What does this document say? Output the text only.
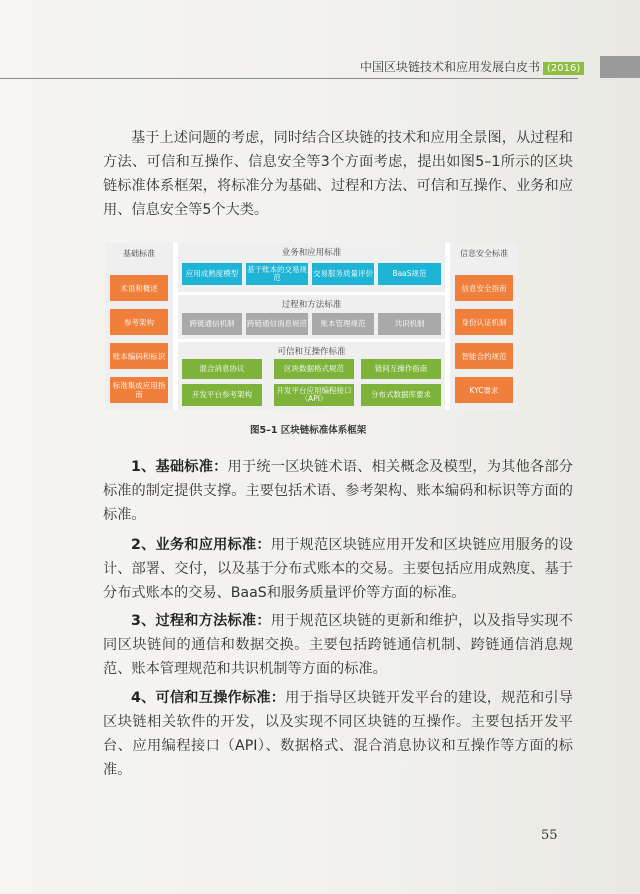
中国区块链技术和应用发展白皮书 (2016)
基于上述问题的考虑，同时结合区块链的技术和应用全景图，从过程和方法、可信和互操作、信息安全等3个方面考虑，提出如图5–1所示的区块链标准体系框架，将标准分为基础、过程和方法、可信和互操作、业务和应用、信息安全等5个大类。
基础标准
术语和概述
参考架构
账本编码和标识
标准集成应用指南
业务和应用标准
应用成熟度模型	基于账本的交易规范	交易服务质量评价	BaaS规范
过程和方法标准
跨链通信机制	跨链通信消息规范	账本管理规范	共识机制
可信和互操作标准
混合消息协议	区块数据格式规范	链间互操作指南
开发平台参考架构	开发平台应用编程接口（API）	分布式数据库要求
信息安全标准
信息安全指南
身份认证机制
智能合约规范
KYC要求
图5–1 区块链标准体系框架
1、基础标准：用于统一区块链术语、相关概念及模型，为其他各部分标准的制定提供支撑。主要包括术语、参考架构、账本编码和标识等方面的标准。
2、业务和应用标准：用于规范区块链应用开发和区块链应用服务的设计、部署、交付，以及基于分布式账本的交易。主要包括应用成熟度、基于分布式账本的交易、BaaS和服务质量评价等方面的标准。
3、过程和方法标准：用于规范区块链的更新和维护，以及指导实现不同区块链间的通信和数据交换。主要包括跨链通信机制、跨链通信消息规范、账本管理规范和共识机制等方面的标准。
4、可信和互操作标准：用于指导区块链开发平台的建设，规范和引导区块链相关软件的开发，以及实现不同区块链的互操作。主要包括开发平台、应用编程接口（API）、数据格式、混合消息协议和互操作等方面的标准。
55
